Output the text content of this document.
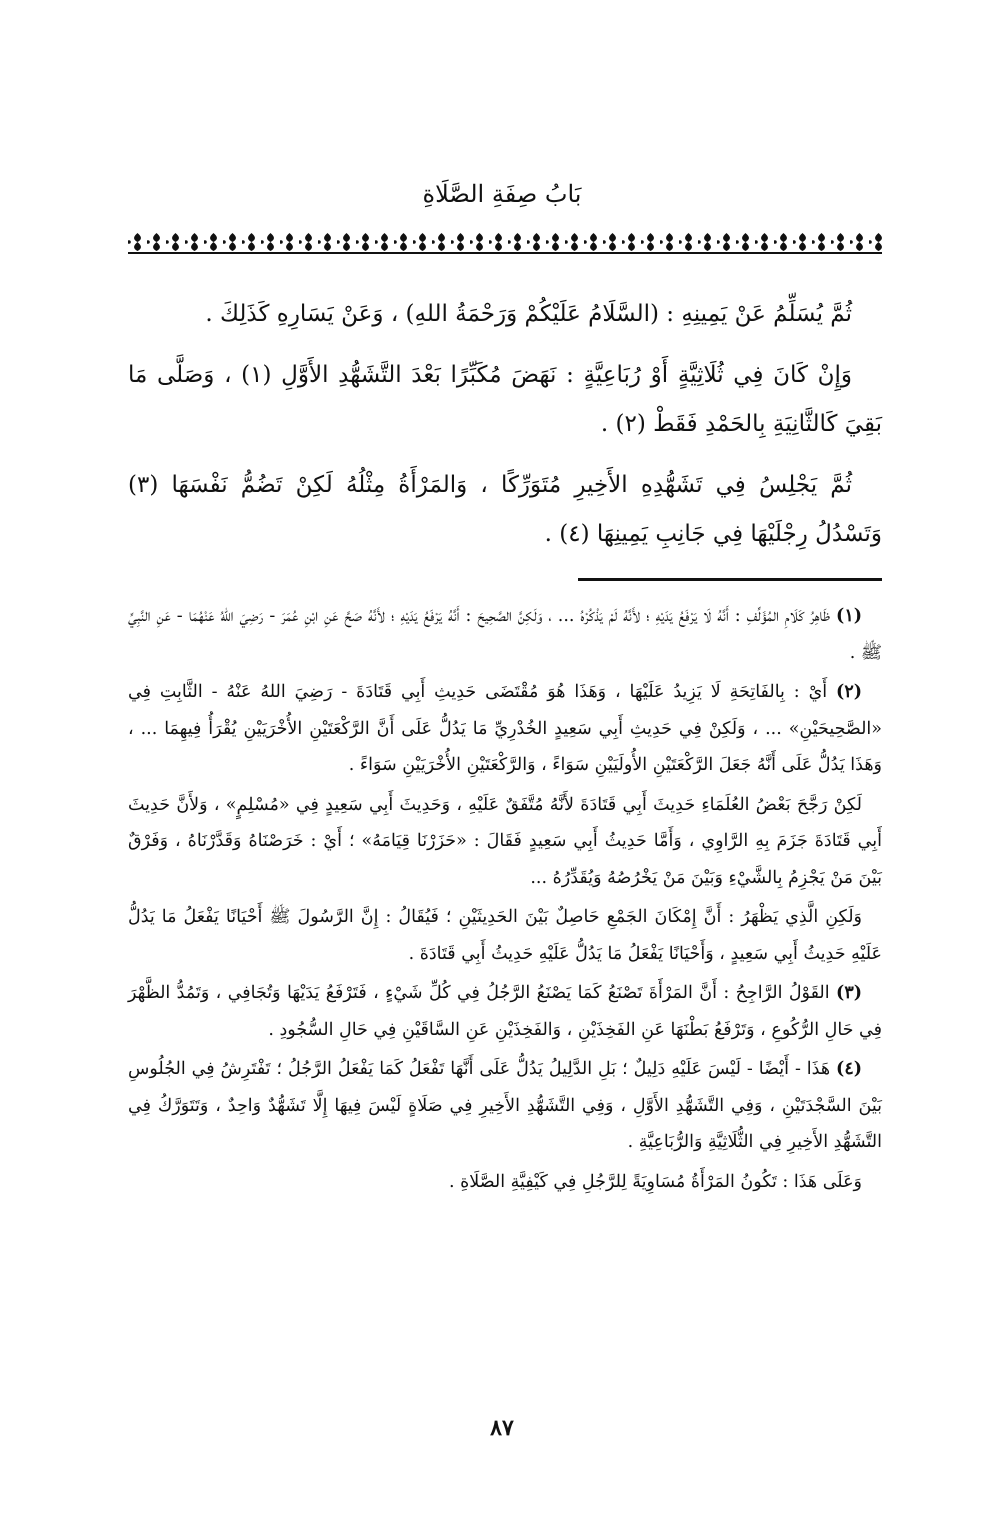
بَابُ صِفَةِ الصَّلَاةِ

ثُمَّ يُسَلِّمُ عَنْ يَمِينِهِ : (السَّلَامُ عَلَيْكُمْ وَرَحْمَةُ اللهِ) ، وَعَنْ يَسَارِهِ كَذَلِكَ .

وَإِنْ كَانَ فِي ثُلَاثِيَّةٍ أَوْ رُبَاعِيَّةٍ : نَهَضَ مُكَبِّرًا بَعْدَ التَّشَهُّدِ الأَوَّلِ (١) ، وَصَلَّى مَا بَقِيَ كَالثَّانِيَةِ بِالحَمْدِ فَقَطْ (٢) .

ثُمَّ يَجْلِسُ فِي تَشَهُّدِهِ الأَخِيرِ مُتَوَرِّكًا ، وَالمَرْأَةُ مِثْلُهُ لَكِنْ تَضُمُّ نَفْسَهَا (٣) وَتَسْدُلُ رِجْلَيْهَا فِي جَانِبِ يَمِينِهَا (٤) .

(١) ظَاهِرُ كَلَامِ المُؤَلِّفِ : أَنَّهُ لَا يَرْفَعُ يَدَيْهِ ؛ لأَنَّهُ لَمْ يَذْكُرْهُ ... ، وَلَكِنَّ الصَّحِيحَ : أَنَّهُ يَرْفَعُ يَدَيْهِ ؛ لأَنَّهُ صَحَّ عَنِ ابْنِ عُمَرَ - رَضِيَ اللهُ عَنْهُمَا - عَنِ النَّبِيِّ ﷺ .

(٢) أَيْ : بِالفَاتِحَةِ لَا يَزِيدُ عَلَيْهَا ، وَهَذَا هُوَ مُقْتَضَى حَدِيثِ أَبِي قَتَادَةَ - رَضِيَ اللهُ عَنْهُ - الثَّابِتِ فِي «الصَّحِيحَيْنِ» ... ، وَلَكِنْ فِي حَدِيثِ أَبِي سَعِيدٍ الخُدْرِيِّ مَا يَدُلُّ عَلَى أَنَّ الرَّكْعَتَيْنِ الأُخْرَيَيْنِ يُقْرَأُ فِيهِمَا ... ، وَهَذَا يَدُلُّ عَلَى أَنَّهُ جَعَلَ الرَّكْعَتَيْنِ الأُولَيَيْنِ سَوَاءً ، وَالرَّكْعَتَيْنِ الأُخْرَيَيْنِ سَوَاءً .

لَكِنْ رَجَّحَ بَعْضُ العُلَمَاءِ حَدِيثَ أَبِي قَتَادَةَ لأَنَّهُ مُتَّفَقٌ عَلَيْهِ ، وَحَدِيثَ أَبِي سَعِيدٍ فِي «مُسْلِمٍ» ، وَلأَنَّ حَدِيثَ أَبِي قَتَادَةَ جَزَمَ بِهِ الرَّاوِي ، وَأَمَّا حَدِيثُ أَبِي سَعِيدٍ فَقَالَ : «حَزَرْنَا قِيَامَهُ» ؛ أَيْ : خَرَصْنَاهُ وَقَدَّرْنَاهُ ، وَفَرْقٌ بَيْنَ مَنْ يَجْزِمُ بِالشَّيْءِ وَبَيْنَ مَنْ يَخْرُصُهُ وَيُقَدِّرُهُ ...

وَلَكِنِ الَّذِي يَظْهَرُ : أَنَّ إِمْكَانَ الجَمْعِ حَاصِلٌ بَيْنَ الحَدِيثَيْنِ ؛ فَيُقَالُ : إِنَّ الرَّسُولَ ﷺ أَحْيَانًا يَفْعَلُ مَا يَدُلُّ عَلَيْهِ حَدِيثُ أَبِي سَعِيدٍ ، وَأَحْيَانًا يَفْعَلُ مَا يَدُلُّ عَلَيْهِ حَدِيثُ أَبِي قَتَادَةَ .

(٣) القَوْلُ الرَّاجِحُ : أَنَّ المَرْأَةَ تَصْنَعُ كَمَا يَصْنَعُ الرَّجُلُ فِي كُلِّ شَيْءٍ ، فَتَرْفَعُ يَدَيْهَا وَتُجَافِي ، وَتَمُدُّ الظَّهْرَ فِي حَالِ الرُّكُوعِ ، وَتَرْفَعُ بَطْنَهَا عَنِ الفَخِذَيْنِ ، وَالفَخِذَيْنِ عَنِ السَّاقَيْنِ فِي حَالِ السُّجُودِ .

(٤) هَذَا - أَيْضًا - لَيْسَ عَلَيْهِ دَلِيلٌ ؛ بَلِ الدَّلِيلُ يَدُلُّ عَلَى أَنَّهَا تَفْعَلُ كَمَا يَفْعَلُ الرَّجُلُ ؛ تَفْتَرِشُ فِي الجُلُوسِ بَيْنَ السَّجْدَتَيْنِ ، وَفِي التَّشَهُّدِ الأَوَّلِ ، وَفِي التَّشَهُّدِ الأَخِيرِ فِي صَلَاةٍ لَيْسَ فِيهَا إِلَّا تَشَهُّدٌ وَاحِدٌ ، وَتَتَوَرَّكُ فِي التَّشَهُّدِ الأَخِيرِ فِي الثُّلَاثِيَّةِ وَالرُّبَاعِيَّةِ .

وَعَلَى هَذَا : تَكُونُ المَرْأَةُ مُسَاوِيَةً لِلرَّجُلِ فِي كَيْفِيَّةِ الصَّلَاةِ .

٨٧
